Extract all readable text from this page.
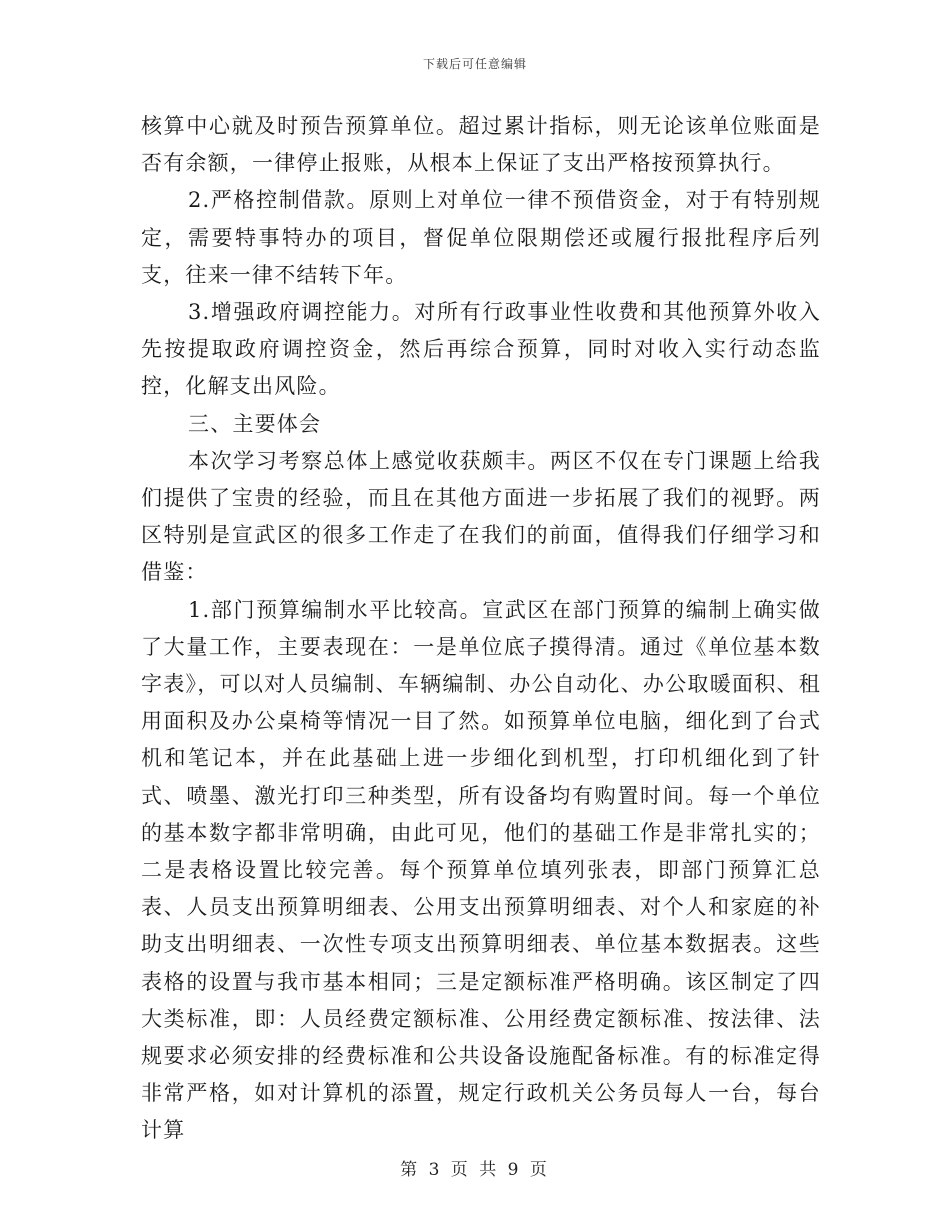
下载后可任意编辑

核算中心就及时预告预算单位。超过累计指标，则无论该单位账面是否有余额，一律停止报账，从根本上保证了支出严格按预算执行。

2.严格控制借款。原则上对单位一律不预借资金，对于有特别规定，需要特事特办的项目，督促单位限期偿还或履行报批程序后列支，往来一律不结转下年。

3.增强政府调控能力。对所有行政事业性收费和其他预算外收入先按提取政府调控资金，然后再综合预算，同时对收入实行动态监控，化解支出风险。

三、主要体会

本次学习考察总体上感觉收获颇丰。两区不仅在专门课题上给我们提供了宝贵的经验，而且在其他方面进一步拓展了我们的视野。两区特别是宣武区的很多工作走了在我们的前面，值得我们仔细学习和借鉴：

1.部门预算编制水平比较高。宣武区在部门预算的编制上确实做了大量工作，主要表现在：一是单位底子摸得清。通过《单位基本数字表》，可以对人员编制、车辆编制、办公自动化、办公取暖面积、租用面积及办公桌椅等情况一目了然。如预算单位电脑，细化到了台式机和笔记本，并在此基础上进一步细化到机型，打印机细化到了针式、喷墨、激光打印三种类型，所有设备均有购置时间。每一个单位的基本数字都非常明确，由此可见，他们的基础工作是非常扎实的；二是表格设置比较完善。每个预算单位填列张表，即部门预算汇总表、人员支出预算明细表、公用支出预算明细表、对个人和家庭的补助支出明细表、一次性专项支出预算明细表、单位基本数据表。这些表格的设置与我市基本相同；三是定额标准严格明确。该区制定了四大类标准，即：人员经费定额标准、公用经费定额标准、按法律、法规要求必须安排的经费标准和公共设备设施配备标准。有的标准定得非常严格，如对计算机的添置，规定行政机关公务员每人一台，每台计算

第 3 页 共 9 页
